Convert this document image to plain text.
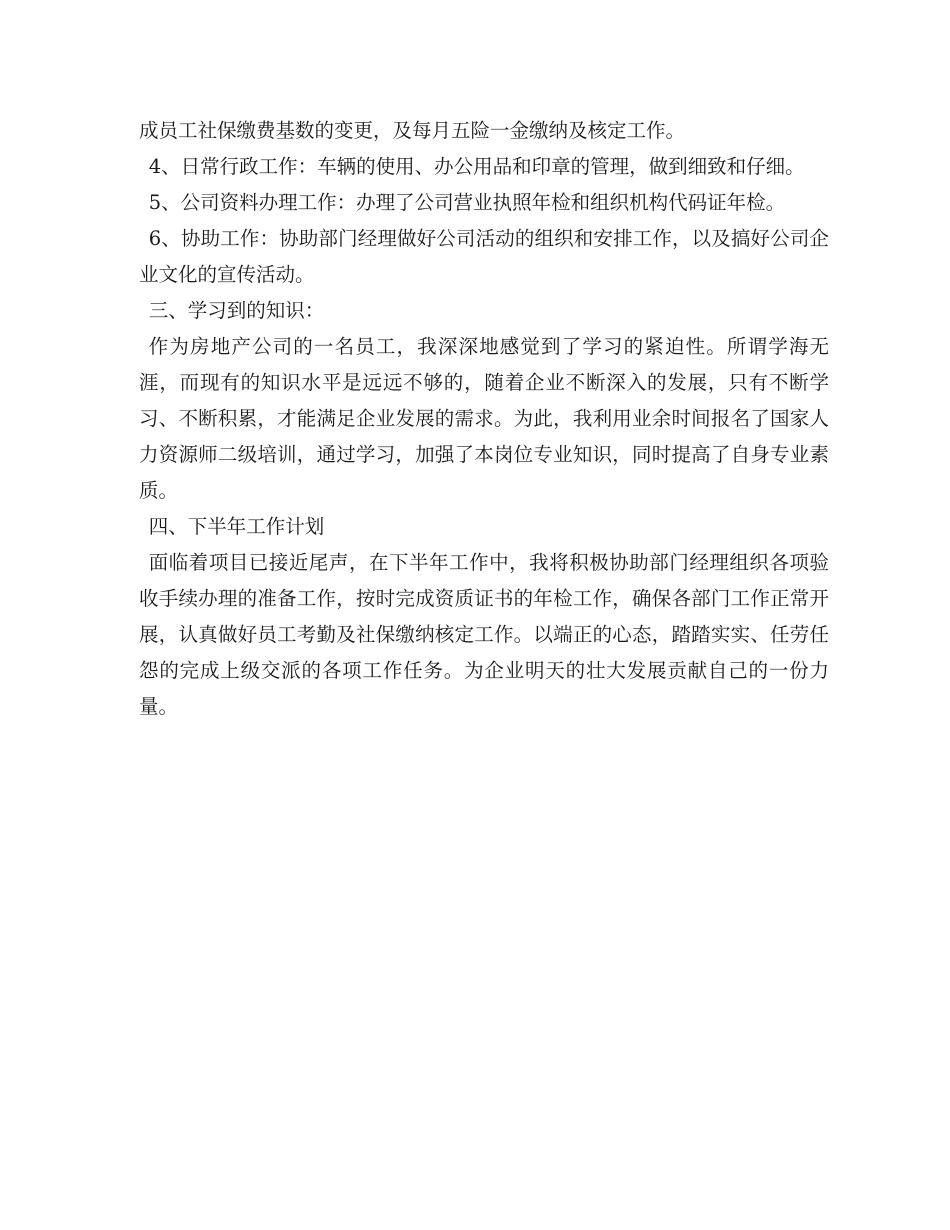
成员工社保缴费基数的变更，及每月五险一金缴纳及核定工作。

4、日常行政工作：车辆的使用、办公用品和印章的管理，做到细致和仔细。

5、公司资料办理工作：办理了公司营业执照年检和组织机构代码证年检。

6、协助工作：协助部门经理做好公司活动的组织和安排工作，以及搞好公司企业文化的宣传活动。

三、学习到的知识：

作为房地产公司的一名员工，我深深地感觉到了学习的紧迫性。所谓学海无涯，而现有的知识水平是远远不够的，随着企业不断深入的发展，只有不断学习、不断积累，才能满足企业发展的需求。为此，我利用业余时间报名了国家人力资源师二级培训，通过学习，加强了本岗位专业知识，同时提高了自身专业素质。

四、下半年工作计划

面临着项目已接近尾声，在下半年工作中，我将积极协助部门经理组织各项验收手续办理的准备工作，按时完成资质证书的年检工作，确保各部门工作正常开展，认真做好员工考勤及社保缴纳核定工作。以端正的心态，踏踏实实、任劳任怨的完成上级交派的各项工作任务。为企业明天的壮大发展贡献自己的一份力量。
